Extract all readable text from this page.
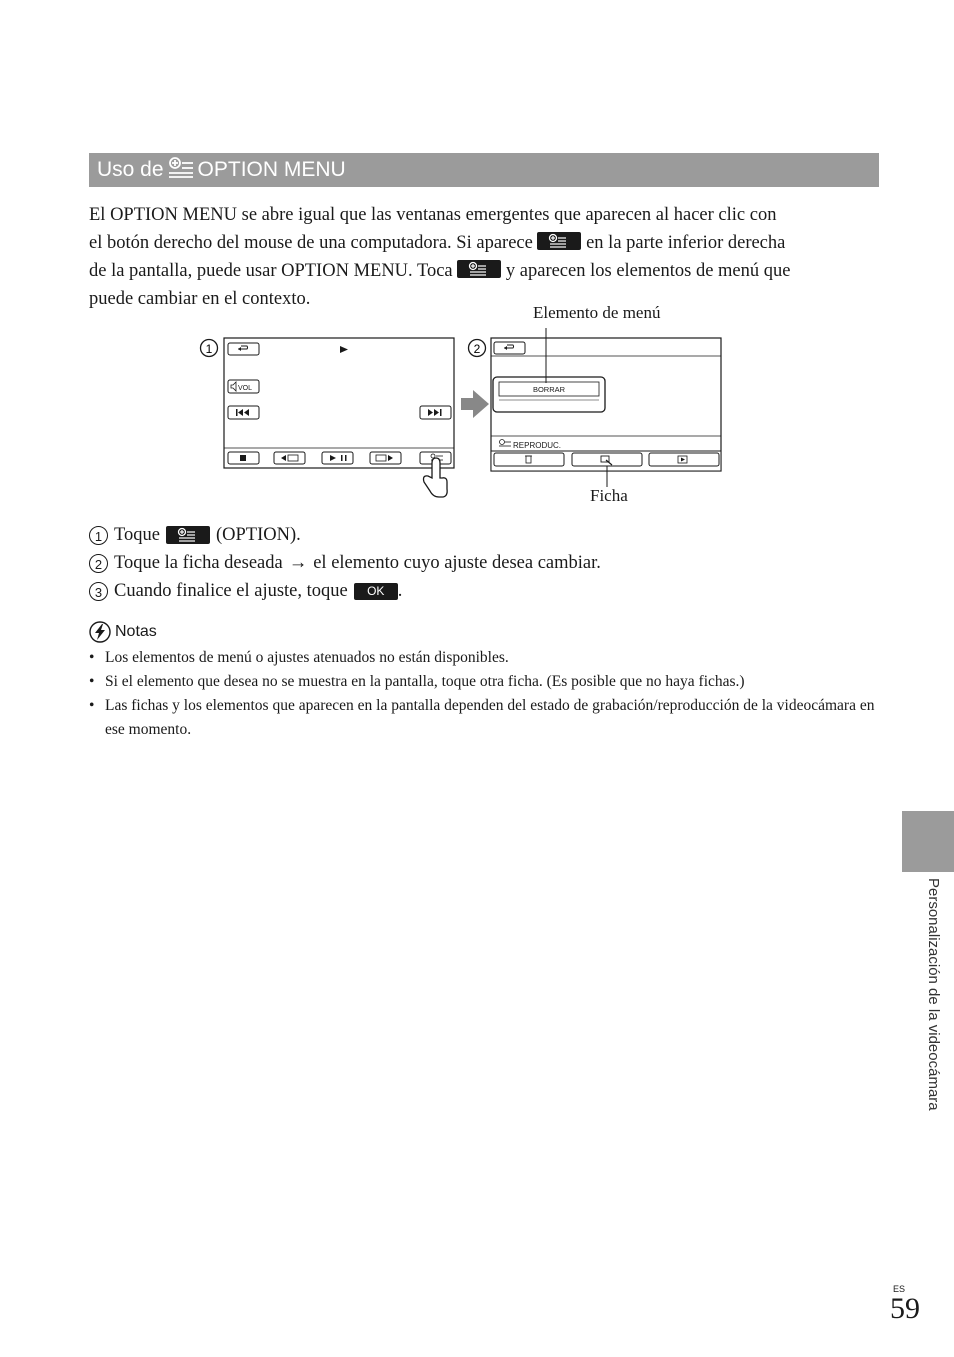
Uso de OPTION MENU
El OPTION MENU se abre igual que las ventanas emergentes que aparecen al hacer clic con
el botón derecho del mouse de una computadora. Si aparece	en la parte inferior derecha
de la pantalla, puede usar OPTION MENU. Toca	y aparecen los elementos de menú que
puede cambiar en el contexto.
Elemento de menú
Ficha
1	2
VOL	BORRAR
REPRODUC.
1 Toque	(OPTION).
2 Toque la ficha deseada → el elemento cuyo ajuste desea cambiar.
3 Cuando finalice el ajuste, toque	OK .
Notas
• Los elementos de menú o ajustes atenuados no están disponibles.
• Si el elemento que desea no se muestra en la pantalla, toque otra ficha. (Es posible que no haya fichas.)
• Las fichas y los elementos que aparecen en la pantalla dependen del estado de grabación/reproducción de la videocámara en ese momento.
Personalización de la videocámara
ES
59
